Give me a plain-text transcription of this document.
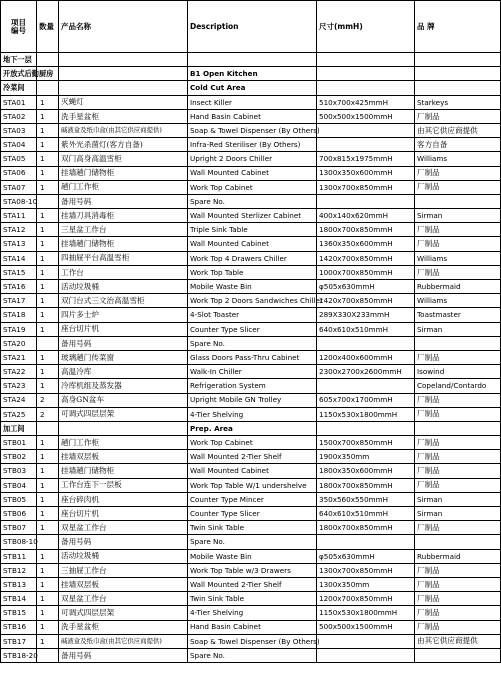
项目
编号	数量	产品名称	Description	尺寸(mmH)	品 牌
地下一层					
开放式后勤厨房			B1 Open Kitchen		
冷菜间			Cold Cut Area		
STA01	1	灭蝇灯	Insect Killer	510x700x425mmH	Starkeys
STA02	1	洗手星盆柜	Hand Basin Cabinet	500x500x1500mmH	厂制品
STA03	1	碱液盒及纸巾盒(由其它供应商提供)	Soap & Towel Dispenser (By Others)		由其它供应商提供
STA04	1	紫外光杀菌灯(客方自备)	Infra-Red Steriliser (By Others)		客方自备
STA05	1	双门高身高温雪柜	Upright 2 Doors Chiller	700x815x1975mmH	Williams
STA06	1	挂墙趟门储物柜	Wall Mounted Cabinet	1300x350x600mmH	厂制品
STA07	1	趟门工作柜	Work Top Cabinet	1300x700x850mmH	厂制品
STA08-10		备用号码	Spare No.		
STA11	1	挂墙刀具消毒柜	Wall Mounted Sterlizer Cabinet	400x140x620mmH	Sirman
STA12	1	三星盆工作台	Triple Sink Table	1800x700x850mmH	厂制品
STA13	1	挂墙趟门储物柜	Wall Mounted Cabinet	1360x350x600mmH	厂制品
STA14	1	四抽屉平台高温雪柜	Work Top 4 Drawers Chiller	1420x700x850mmH	Williams
STA15	1	工作台	Work Top Table	1000x700x850mmH	厂制品
STA16	1	活动垃圾桶	Mobile Waste Bin	φ505x630mmH	Rubbermaid
STA17	1	双门台式三文治高温雪柜	Work Top 2 Doors Sandwiches Chiller	1420x700x850mmH	Williams
STA18	1	四片多士炉	4-Slot Toaster	289X330X233mmH	Toastmaster
STA19	1	座台切片机	Counter Type Slicer	640x610x510mmH	Sirman
STA20		备用号码	Spare No.		
STA21	1	玻璃趟门传菜窗	Glass Doors Pass-Thru Cabinet	1200x400x600mmH	厂制品
STA22	1	高温冷库	Walk-In Chiller	2300x2700x2600mmH	Isowind
STA23	1	冷库机组及蒸发器	Refrigeration System		Copeland/Contardo
STA24	2	高身GN盆车	Upright Mobile GN Trolley	605x700x1700mmH	厂制品
STA25	2	可调式四层层架	4-Tier Shelving	1150x530x1800mmH	厂制品
加工间			Prep. Area		
STB01	1	趟门工作柜	Work Top Cabinet	1500x700x850mmH	厂制品
STB02	1	挂墙双层板	Wall Mounted 2-Tier Shelf	1900x350mm	厂制品
STB03	1	挂墙趟门储物柜	Wall Mounted Cabinet	1800x350x600mmH	厂制品
STB04	1	工作台连下一层板	Work Top Table W/1 undershelve	1800x700x850mmH	厂制品
STB05	1	座台碎肉机	Counter Type Mincer	350x560x550mmH	Sirman
STB06	1	座台切片机	Counter Type Slicer	640x610x510mmH	Sirman
STB07	1	双星盆工作台	Twin Sink Table	1800x700x850mmH	厂制品
STB08-10		备用号码	Spare No.		
STB11	1	活动垃圾桶	Mobile Waste Bin	φ505x630mmH	Rubbermaid
STB12	1	三抽屉工作台	Work Top Table w/3 Drawers	1300x700x850mmH	厂制品
STB13	1	挂墙双层板	Wall Mounted 2-Tier Shelf	1300x350mm	厂制品
STB14	1	双星盆工作台	Twin Sink Table	1200x700x850mmH	厂制品
STB15	1	可调式四层层架	4-Tier Shelving	1150x530x1800mmH	厂制品
STB16	1	洗手星盆柜	Hand Basin Cabinet	500x500x1500mmH	厂制品
STB17	1	碱液盒及纸巾盒(由其它供应商提供)	Soap & Towel Dispenser (By Others)		由其它供应商提供
STB18-20		备用号码	Spare No.		
